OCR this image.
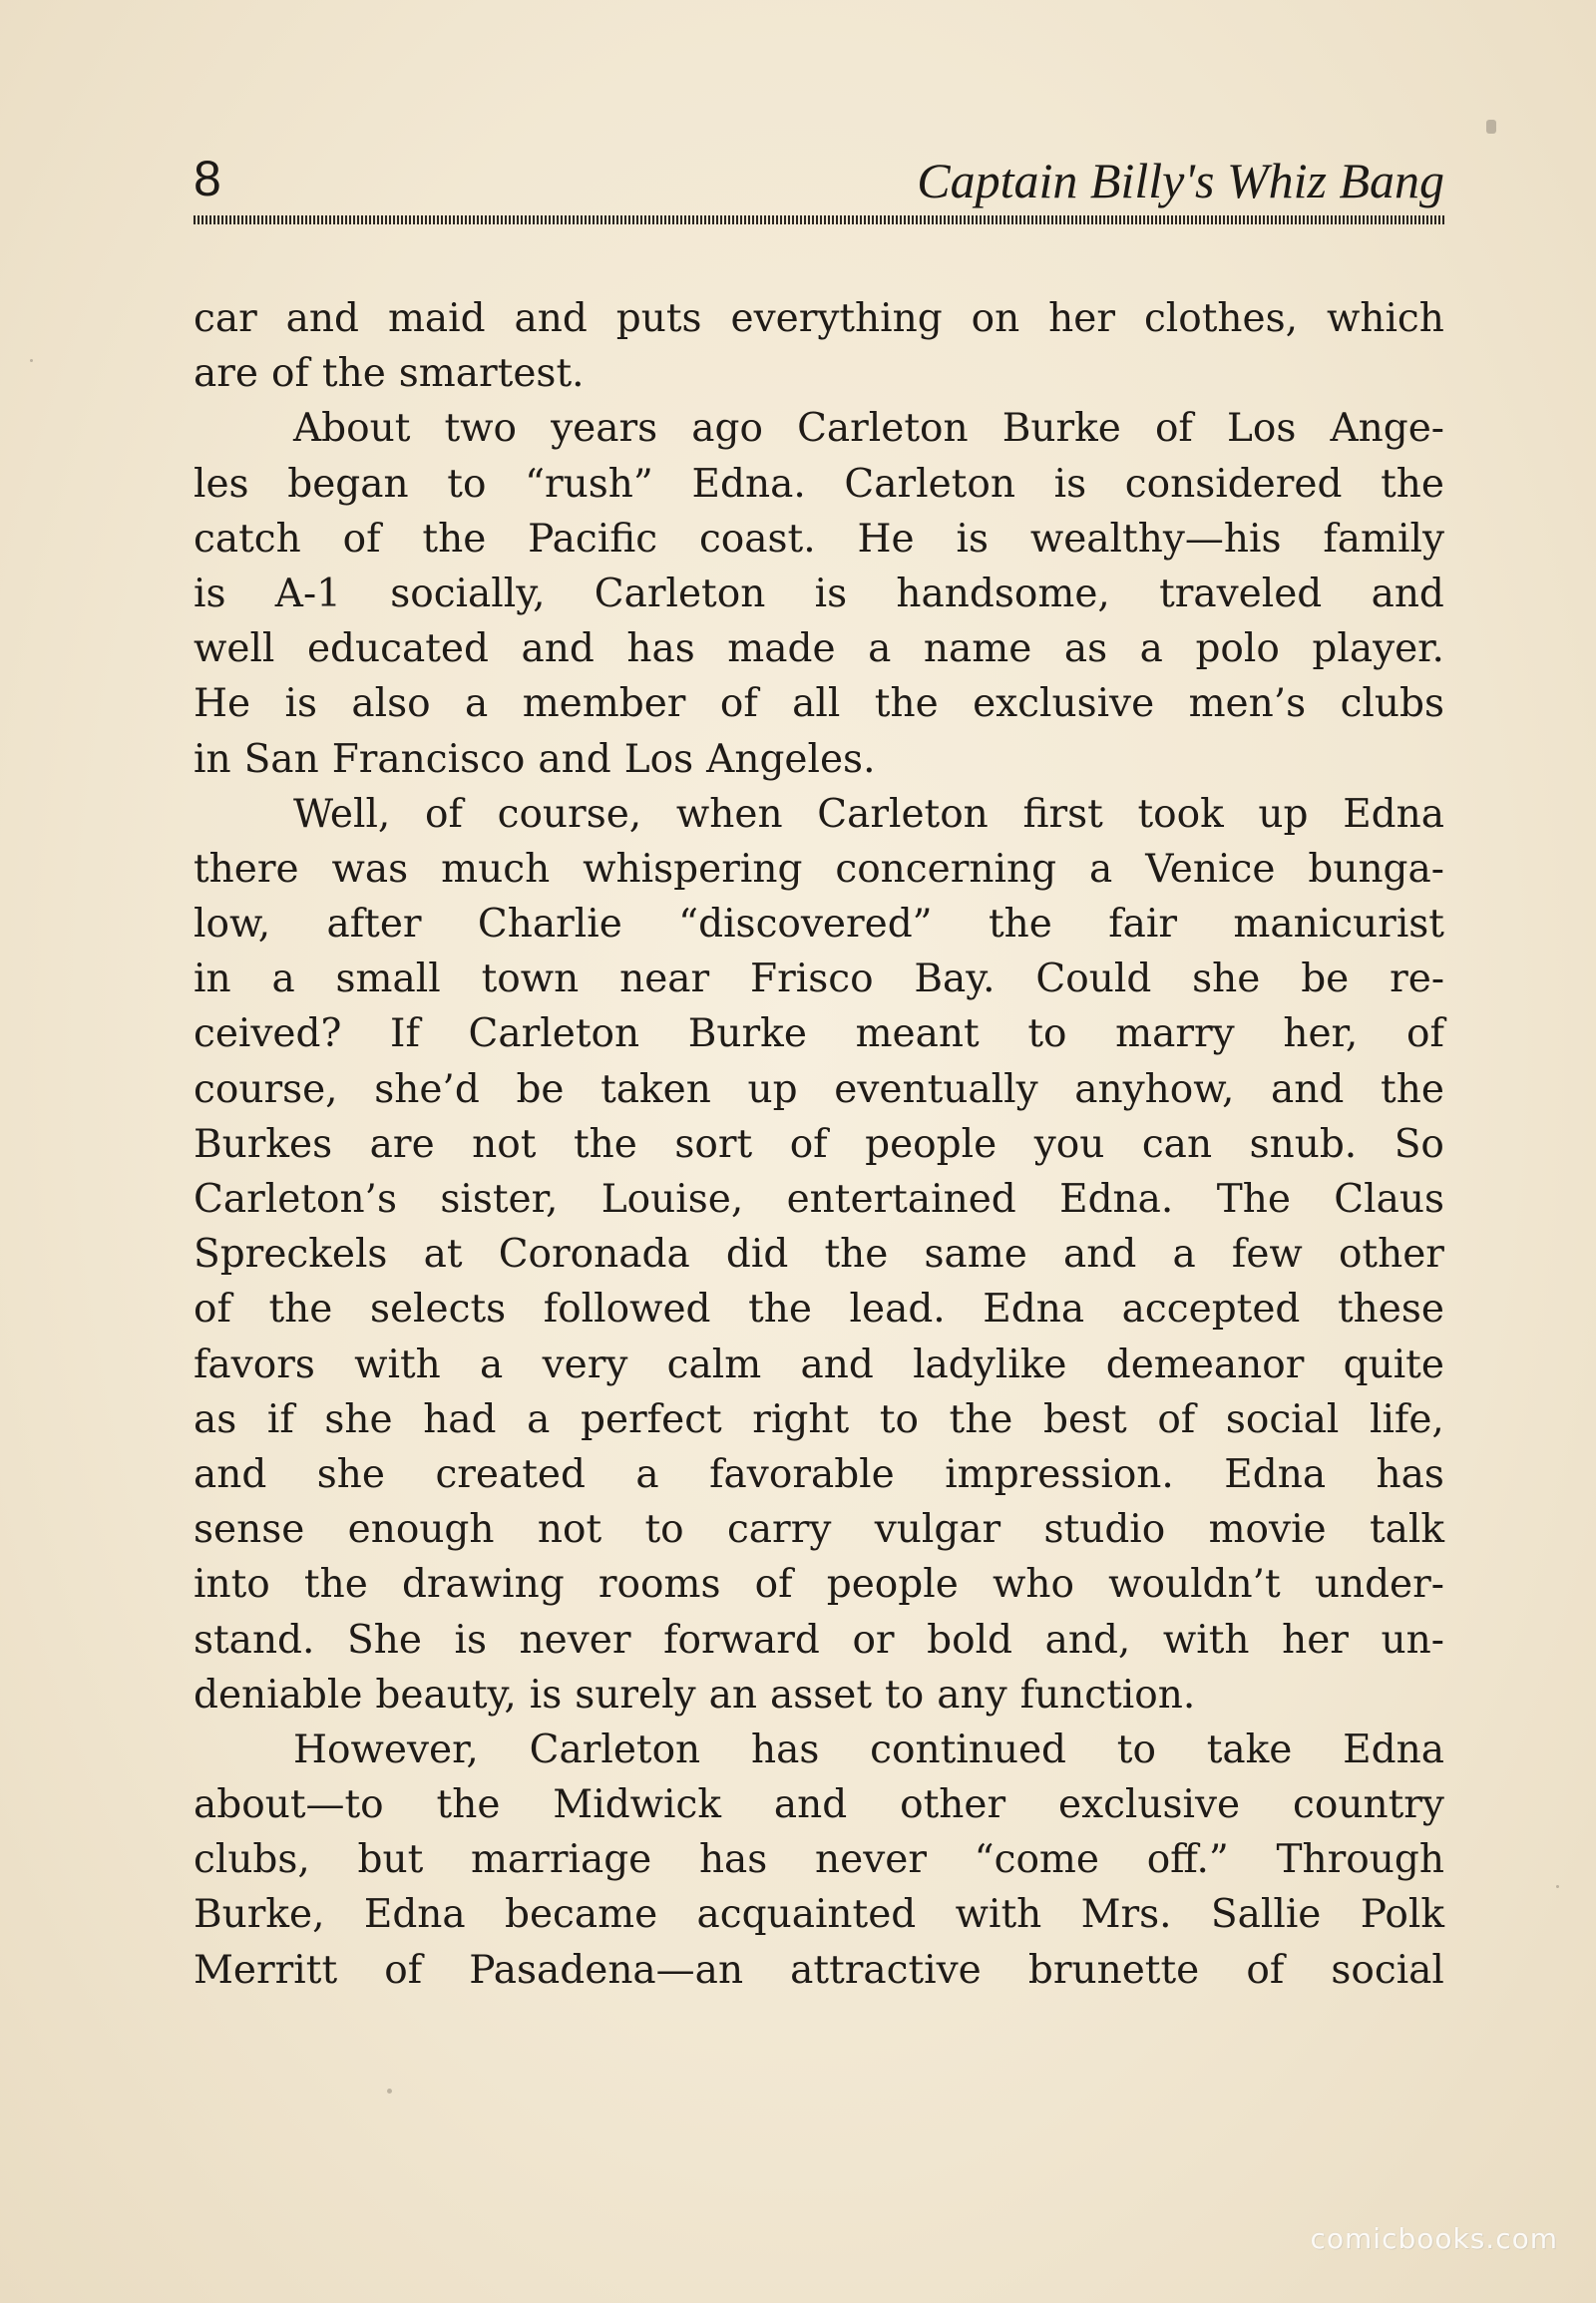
8	Captain Billy's Whiz Bang
car and maid and puts everything on her clothes, which
are of the smartest.
About two years ago Carleton Burke of Los Ange-
les began to “rush” Edna. Carleton is considered the
catch of the Pacific coast. He is wealthy—his family
is A-1 socially, Carleton is handsome, traveled and
well educated and has made a name as a polo player.
He is also a member of all the exclusive men’s clubs
in San Francisco and Los Angeles.
Well, of course, when Carleton first took up Edna
there was much whispering concerning a Venice bunga-
low, after Charlie “discovered” the fair manicurist
in a small town near Frisco Bay. Could she be re-
ceived? If Carleton Burke meant to marry her, of
course, she’d be taken up eventually anyhow, and the
Burkes are not the sort of people you can snub. So
Carleton’s sister, Louise, entertained Edna. The Claus
Spreckels at Coronada did the same and a few other
of the selects followed the lead. Edna accepted these
favors with a very calm and ladylike demeanor quite
as if she had a perfect right to the best of social life,
and she created a favorable impression. Edna has
sense enough not to carry vulgar studio movie talk
into the drawing rooms of people who wouldn’t under-
stand. She is never forward or bold and, with her un-
deniable beauty, is surely an asset to any function.
However, Carleton has continued to take Edna
about—to the Midwick and other exclusive country
clubs, but marriage has never “come off.” Through
Burke, Edna became acquainted with Mrs. Sallie Polk
Merritt of Pasadena—an attractive brunette of social
comicbooks.com
